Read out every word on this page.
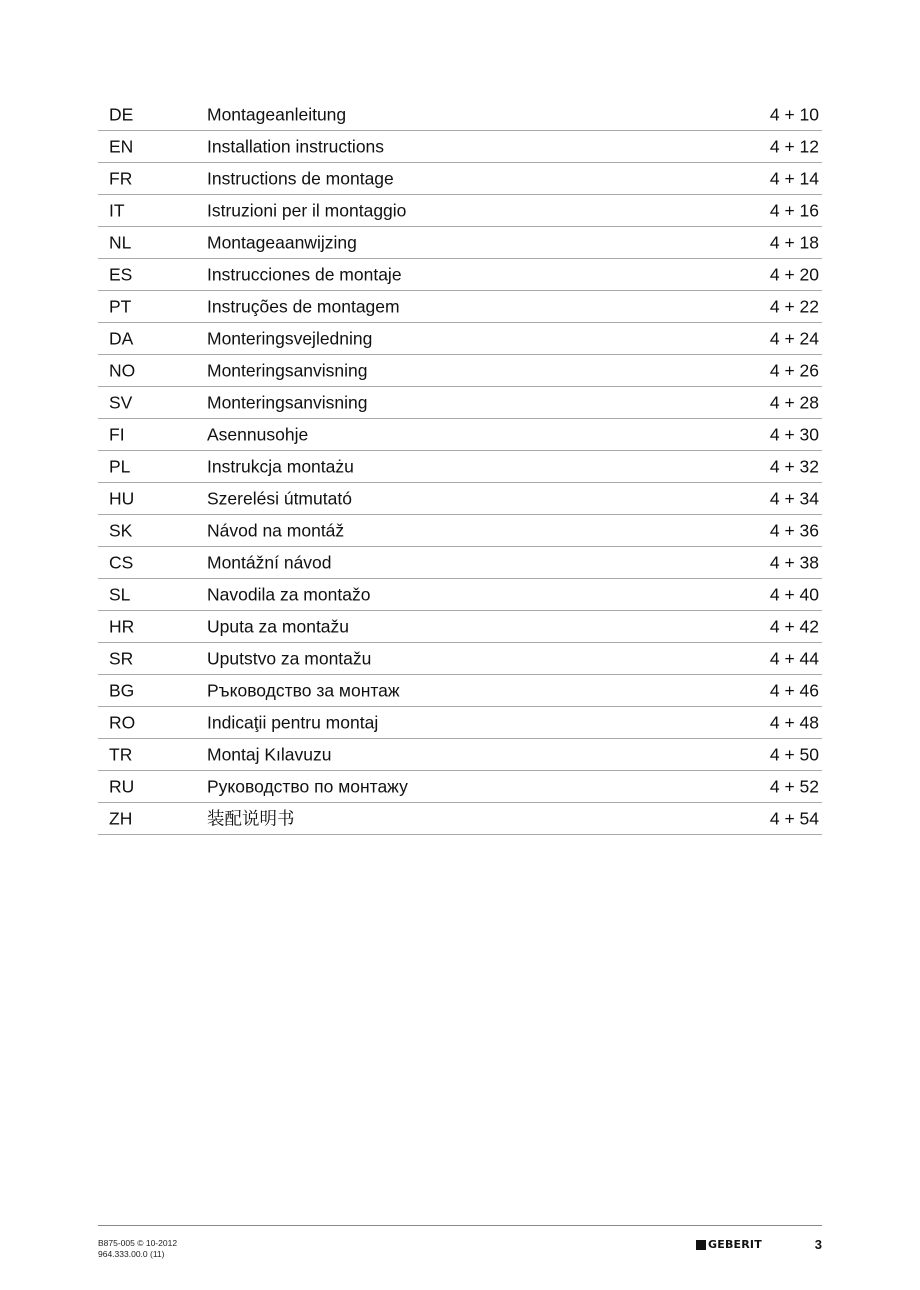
DE	Montageanleitung	4 + 10
EN	Installation instructions	4 + 12
FR	Instructions de montage	4 + 14
IT	Istruzioni per il montaggio	4 + 16
NL	Montageaanwijzing	4 + 18
ES	Instrucciones de montaje	4 + 20
PT	Instruções de montagem	4 + 22
DA	Monteringsvejledning	4 + 24
NO	Monteringsanvisning	4 + 26
SV	Monteringsanvisning	4 + 28
FI	Asennusohje	4 + 30
PL	Instrukcja montażu	4 + 32
HU	Szerelési útmutató	4 + 34
SK	Návod na montáž	4 + 36
CS	Montážní návod	4 + 38
SL	Navodila za montažo	4 + 40
HR	Uputa za montažu	4 + 42
SR	Uputstvo za montažu	4 + 44
BG	Ръководство за монтаж	4 + 46
RO	Indicaţii pentru montaj	4 + 48
TR	Montaj Kılavuzu	4 + 50
RU	Руководство по монтажу	4 + 52
ZH	装配说明书	4 + 54
B875-005 © 10-2012
964.333.00.0 (11)
GEBERIT	3
